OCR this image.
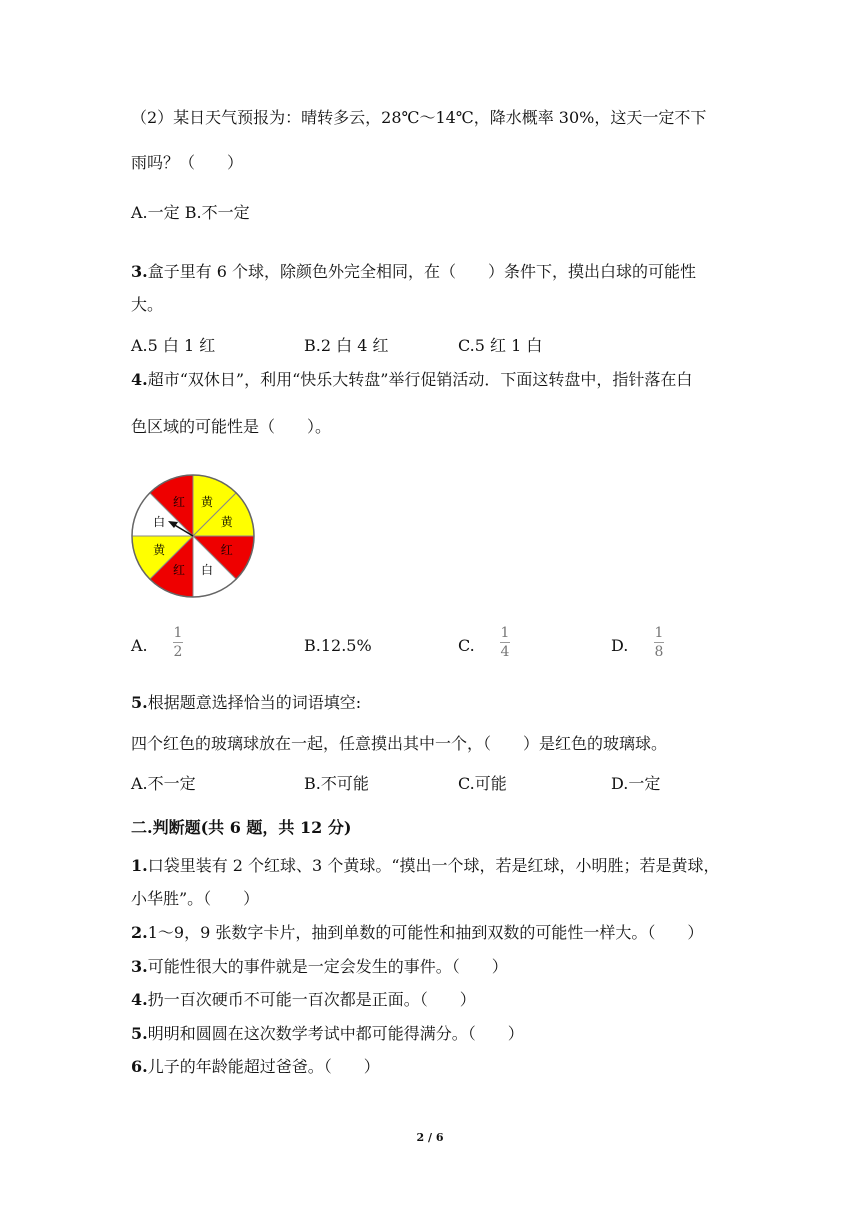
（2）某日天气预报为：晴转多云，28℃～14℃，降水概率 30%，这天一定不下
雨吗？（　　）
A.一定 B.不一定
3.盒子里有 6 个球，除颜色外完全相同，在（　　）条件下，摸出白球的可能性
大。
A.5 白 1 红	B.2 白 4 红	C.5 红 1 白
4.超市“双休日”，利用“快乐大转盘”举行促销活动．下面这转盘中，指针落在白
色区域的可能性是（　　）。
黄
黄
红
白
红
黄
白
红
A.
1
2	B.12.5%	C.
1
4	D.
1
8
5.根据题意选择恰当的词语填空:
四个红色的玻璃球放在一起，任意摸出其中一个，（　　）是红色的玻璃球。
A.不一定	B.不可能	C.可能	D.一定
二.判断题(共 6 题，共 12 分)
1.口袋里装有 2 个红球、3 个黄球。“摸出一个球，若是红球，小明胜；若是黄球，
小华胜”。（　　）
2.1～9，9 张数字卡片，抽到单数的可能性和抽到双数的可能性一样大。（　　）
3.可能性很大的事件就是一定会发生的事件。（　　）
4.扔一百次硬币不可能一百次都是正面。（　　）
5.明明和圆圆在这次数学考试中都可能得满分。（　　）
6.儿子的年龄能超过爸爸。（　　）
2 / 6
